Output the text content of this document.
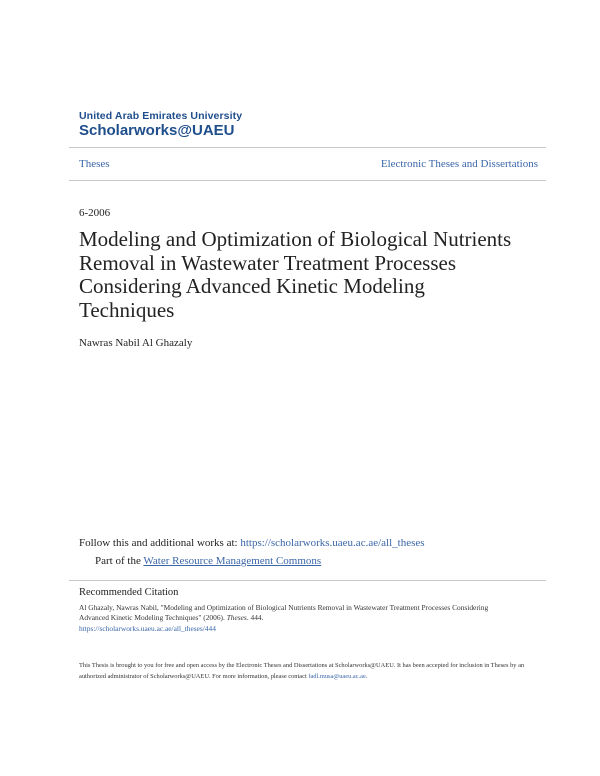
United Arab Emirates University
Scholarworks@UAEU
Theses	Electronic Theses and Dissertations
6-2006
Modeling and Optimization of Biological Nutrients Removal in Wastewater Treatment Processes Considering Advanced Kinetic Modeling Techniques
Nawras Nabil Al Ghazaly
Follow this and additional works at: https://scholarworks.uaeu.ac.ae/all_theses
Part of the Water Resource Management Commons
Recommended Citation
Al Ghazaly, Nawras Nabil, "Modeling and Optimization of Biological Nutrients Removal in Wastewater Treatment Processes Considering Advanced Kinetic Modeling Techniques" (2006). Theses. 444.
https://scholarworks.uaeu.ac.ae/all_theses/444
This Thesis is brought to you for free and open access by the Electronic Theses and Dissertations at Scholarworks@UAEU. It has been accepted for inclusion in Theses by an authorized administrator of Scholarworks@UAEU. For more information, please contact fadl.musa@uaeu.ac.ae.
